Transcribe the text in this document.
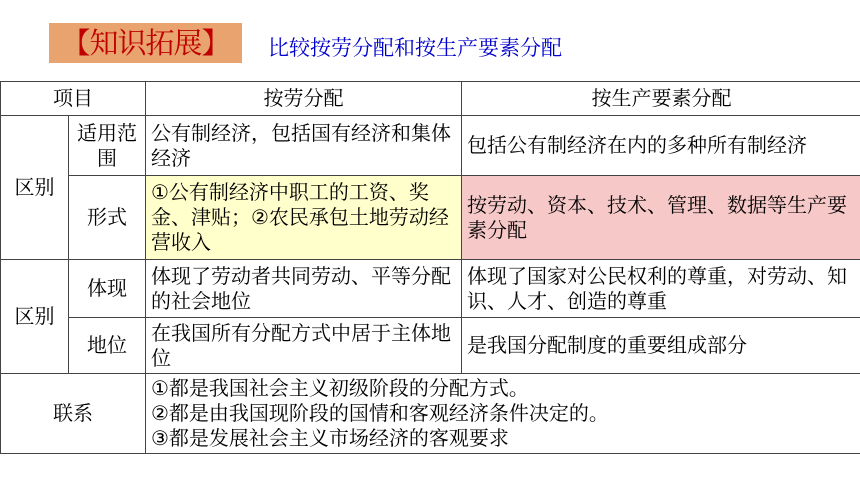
【知识拓展】	比较按劳分配和按生产要素分配
项目		按劳分配	按生产要素分配
区别	适用范围	公有制经济，包括国有经济和集体经济	包括公有制经济在内的多种所有制经济
	形式	①公有制经济中职工的工资、奖金、津贴；②农民承包土地劳动经营收入	按劳动、资本、技术、管理、数据等生产要素分配
区别	体现	体现了劳动者共同劳动、平等分配的社会地位	体现了国家对公民权利的尊重，对劳动、知识、人才、创造的尊重
	地位	在我国所有分配方式中居于主体地位	是我国分配制度的重要组成部分
联系		①都是我国社会主义初级阶段的分配方式。
②都是由我国现阶段的国情和客观经济条件决定的。
③都是发展社会主义市场经济的客观要求	
